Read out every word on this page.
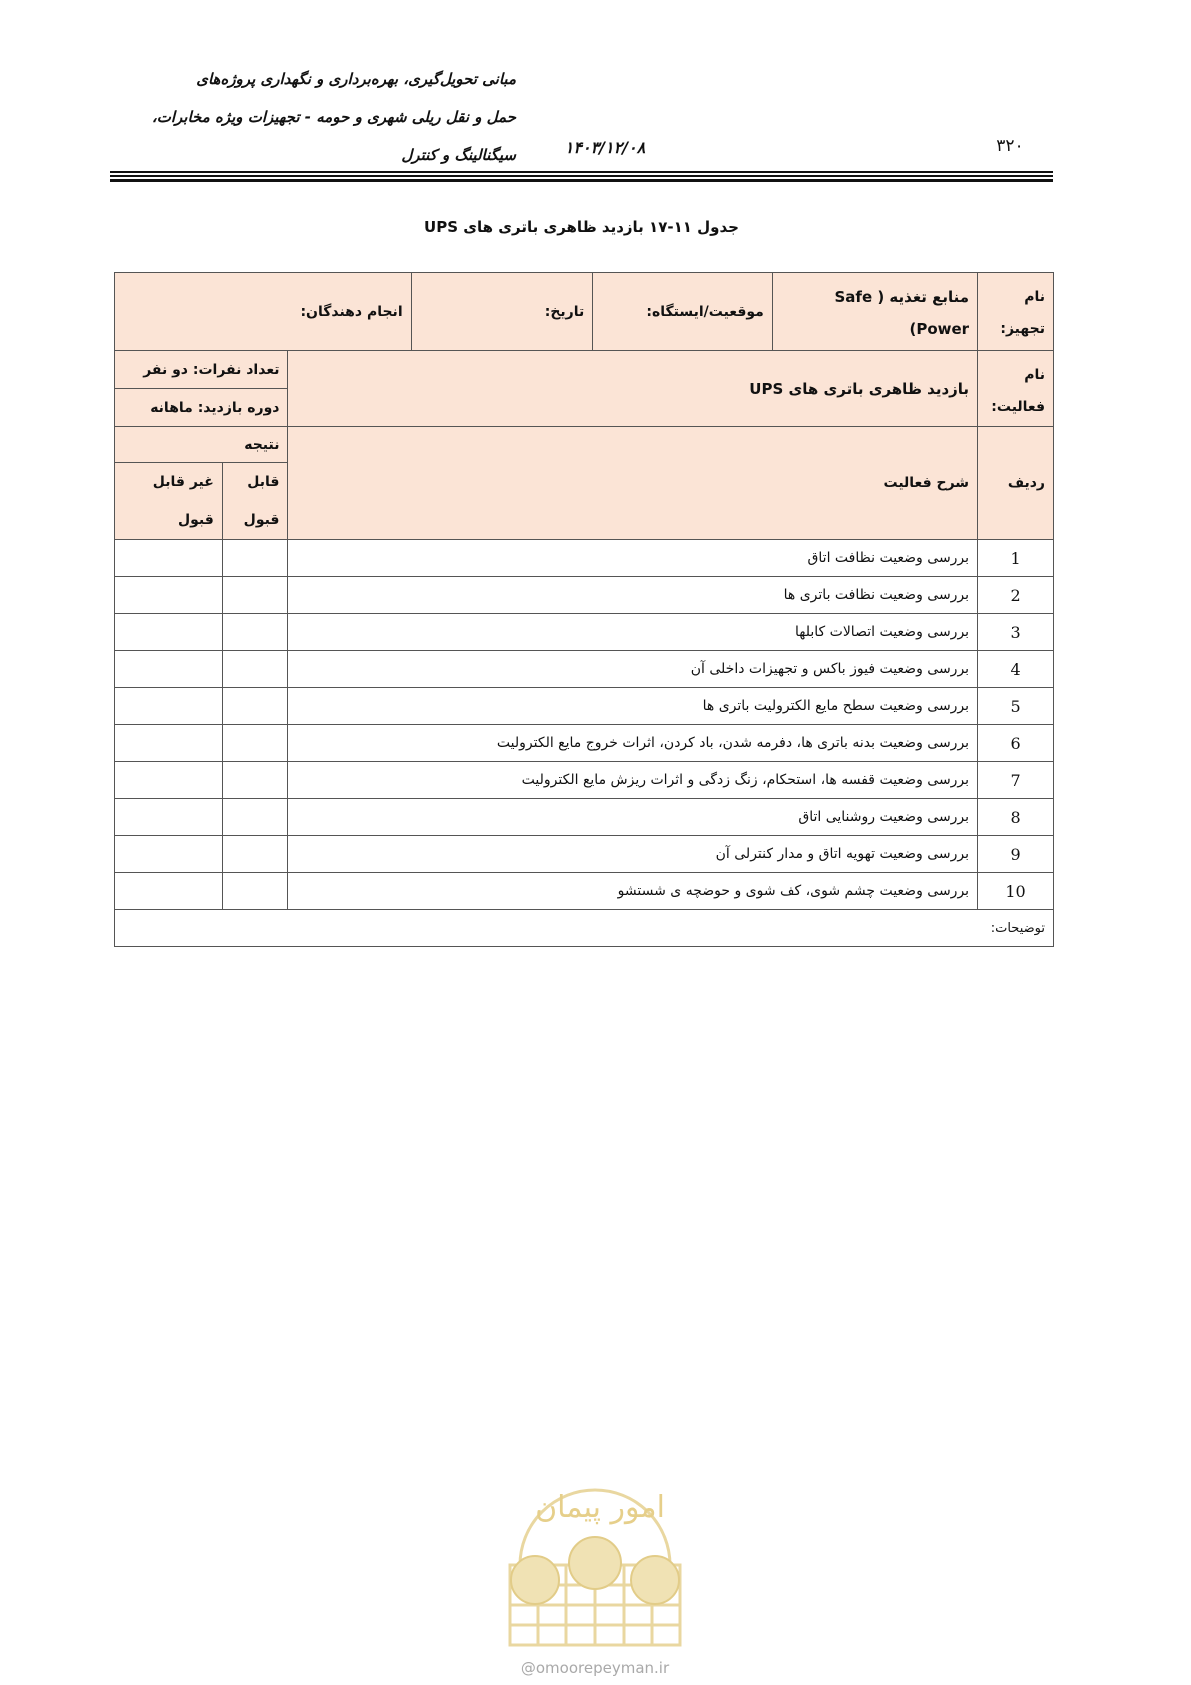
مبانی تحویل‌گیری، بهره‌برداری و نگهداری پروژه‌های
حمل و نقل ریلی شهری و حومه - تجهیزات ویژه مخابرات،
سیگنالینگ و کنترل	۱۴۰۳/۱۲/۰۸	۳۲۰
جدول ۱۱-۱۷ بازدید ظاهری باتری های UPS
نام تجهیز:	منابع تغذیه ( Safe Power)	موقعیت/ایستگاه:	تاریخ:	انجام دهندگان:		
نام فعالیت:	بازدید ظاهری باتری های UPS				تعداد نفرات: دو نفر	
					دوره بازدید: ماهانه	
ردیف	شرح فعالیت				نتیجه	
					قابل قبول	غیر قابل قبول
1	بررسی وضعیت نظافت اتاق					
2	بررسی وضعیت نظافت باتری ها					
3	بررسی وضعیت اتصالات کابلها					
4	بررسی وضعیت فیوز باکس و تجهیزات داخلی آن					
5	بررسی وضعیت سطح مایع الکترولیت باتری ها					
6	بررسی وضعیت بدنه باتری ها، دفرمه شدن، باد کردن، اثرات خروج مایع الکترولیت					
7	بررسی وضعیت قفسه ها، استحکام، زنگ زدگی و اثرات ریزش مایع الکترولیت					
8	بررسی وضعیت روشنایی اتاق					
9	بررسی وضعیت تهویه اتاق و مدار کنترلی آن					
10	بررسی وضعیت چشم شوی، کف شوی و حوضچه ی شستشو					
توضیحات:						
امور پیمان
@omoorepeyman.ir
